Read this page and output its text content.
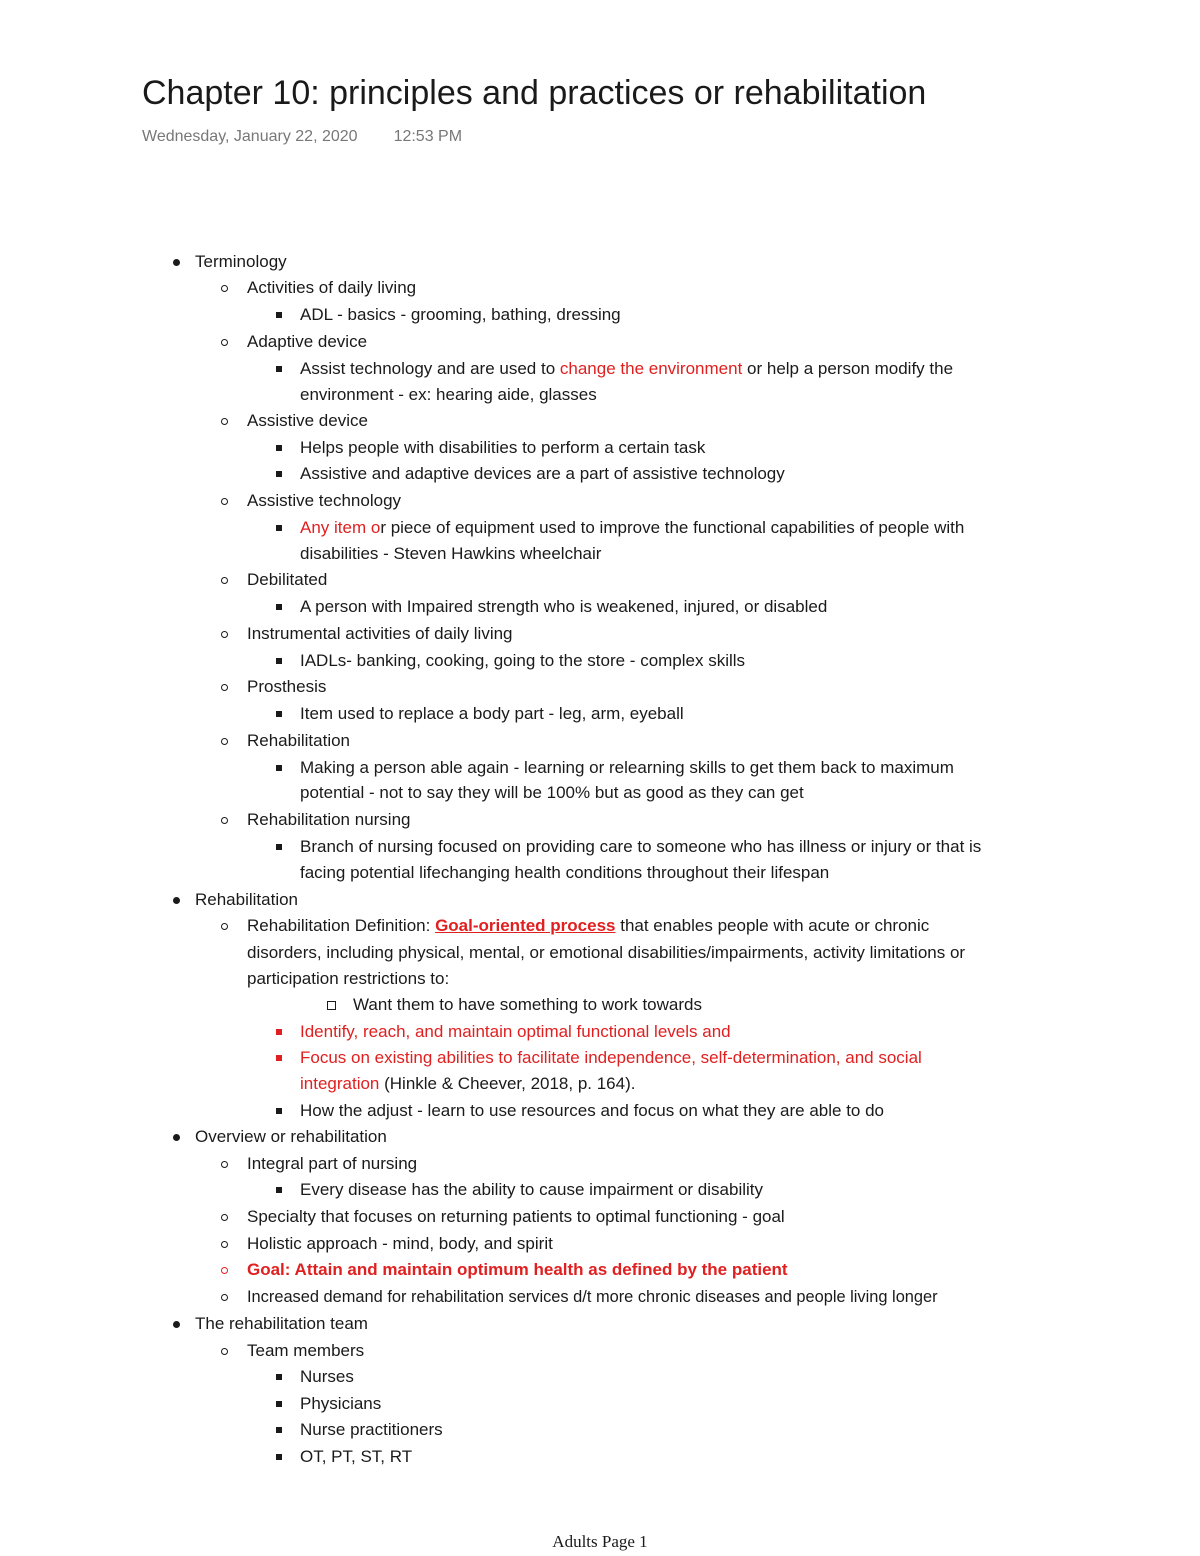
Chapter 10: principles and practices or rehabilitation
Wednesday, January 22, 2020 12:53 PM
Terminology
Activities of daily living
ADL - basics - grooming, bathing, dressing
Adaptive device
Assist technology and are used to change the environment or help a person modify the
environment - ex: hearing aide, glasses
Assistive device
Helps people with disabilities to perform a certain task
Assistive and adaptive devices are a part of assistive technology
Assistive technology
Any item or piece of equipment used to improve the functional capabilities of people with
disabilities - Steven Hawkins wheelchair
Debilitated
A person with Impaired strength who is weakened, injured, or disabled
Instrumental activities of daily living
IADLs- banking, cooking, going to the store - complex skills
Prosthesis
Item used to replace a body part - leg, arm, eyeball
Rehabilitation
Making a person able again - learning or relearning skills to get them back to maximum
potential - not to say they will be 100% but as good as they can get
Rehabilitation nursing
Branch of nursing focused on providing care to someone who has illness or injury or that is
facing potential lifechanging health conditions throughout their lifespan
Rehabilitation
Rehabilitation Definition: Goal-oriented process that enables people with acute or chronic
disorders, including physical, mental, or emotional disabilities/impairments, activity limitations or
participation restrictions to:
Want them to have something to work towards
Identify, reach, and maintain optimal functional levels and
Focus on existing abilities to facilitate independence, self-determination, and social
integration (Hinkle & Cheever, 2018, p. 164).
How the adjust - learn to use resources and focus on what they are able to do
Overview or rehabilitation
Integral part of nursing
Every disease has the ability to cause impairment or disability
Specialty that focuses on returning patients to optimal functioning - goal
Holistic approach - mind, body, and spirit
Goal: Attain and maintain optimum health as defined by the patient
Increased demand for rehabilitation services d/t more chronic diseases and people living longer
The rehabilitation team
Team members
Nurses
Physicians
Nurse practitioners
OT, PT, ST, RT
Adults Page 1
